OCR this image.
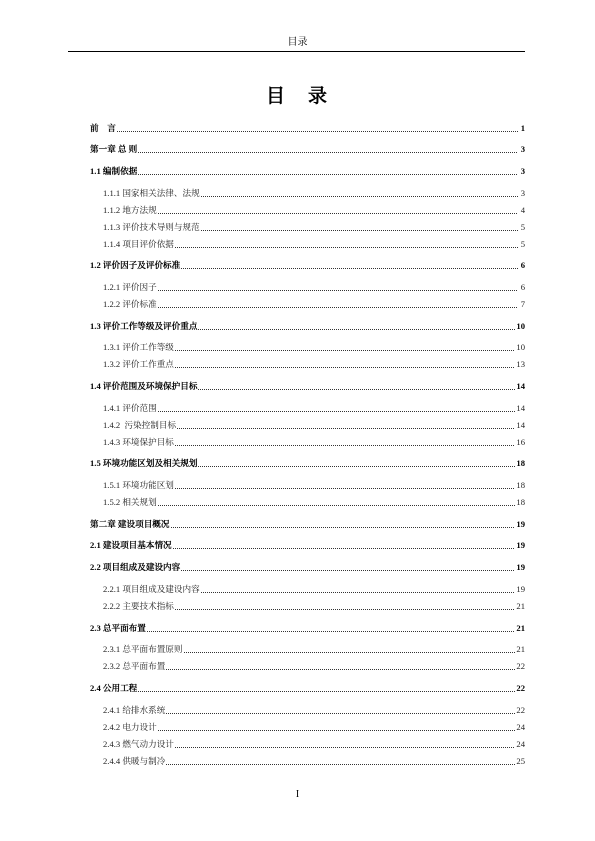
目录
目　录
前　言	1
第一章 总 则	3
1.1 编制依据	3
1.1.1 国家相关法律、法规	3
1.1.2 地方法规	4
1.1.3 评价技术导则与规范	5
1.1.4 项目评价依据	5
1.2 评价因子及评价标准	6
1.2.1 评价因子	6
1.2.2 评价标准	7
1.3 评价工作等级及评价重点	10
1.3.1 评价工作等级	10
1.3.2 评价工作重点	13
1.4 评价范围及环境保护目标	14
1.4.1 评价范围	14
1.4.2  污染控制目标	14
1.4.3 环境保护目标	16
1.5 环境功能区划及相关规划	18
1.5.1 环境功能区划	18
1.5.2 相关规划	18
第二章 建设项目概况	19
2.1 建设项目基本情况	19
2.2 项目组成及建设内容	19
2.2.1 项目组成及建设内容	19
2.2.2 主要技术指标	21
2.3 总平面布置	21
2.3.1 总平面布置原则	21
2.3.2 总平面布置	22
2.4 公用工程	22
2.4.1 给排水系统	22
2.4.2 电力设计	24
2.4.3 燃气动力设计	24
2.4.4 供暖与制冷	25
I
